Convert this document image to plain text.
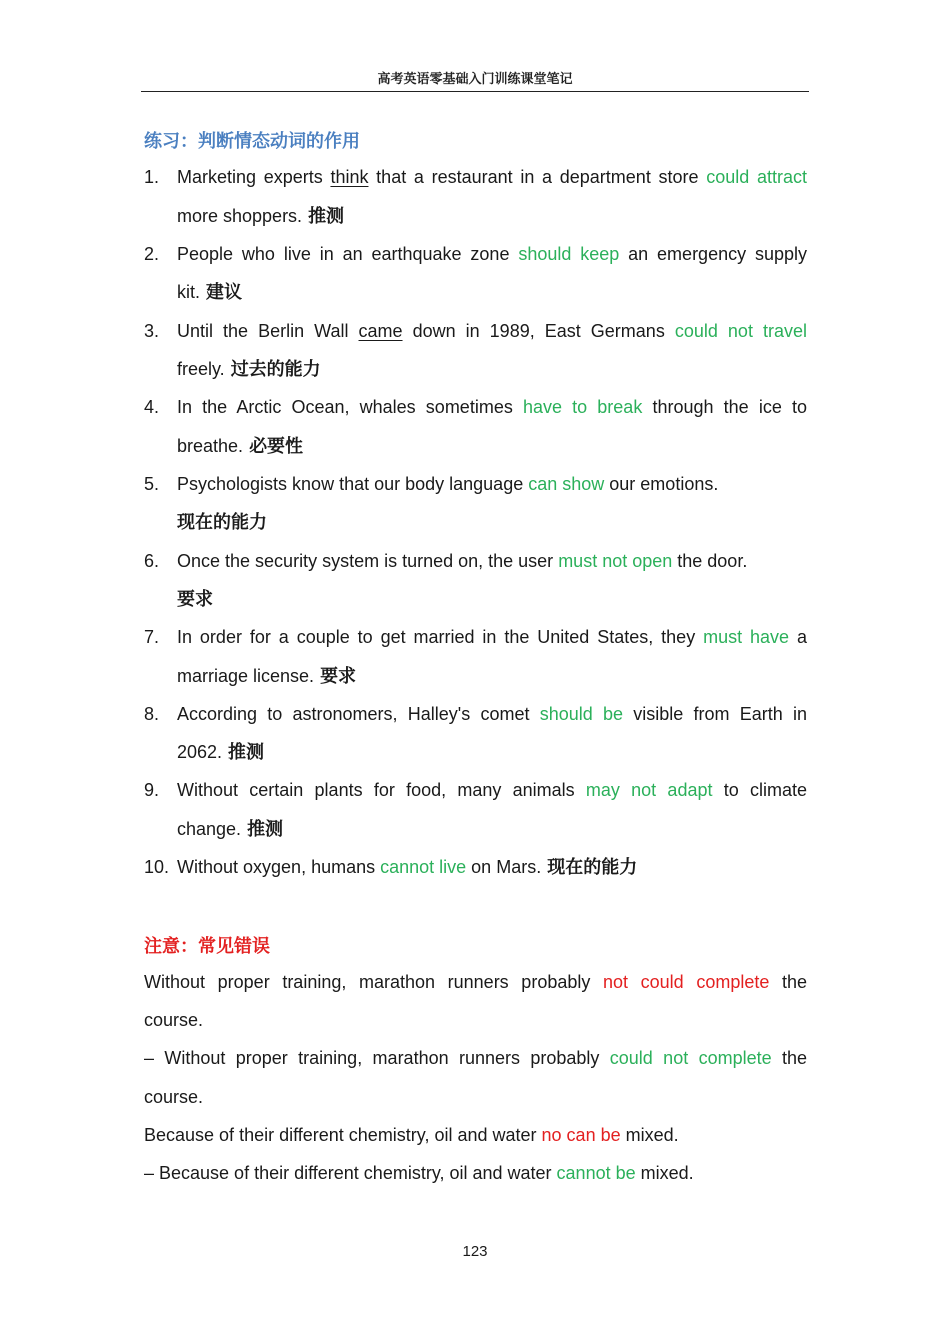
高考英语零基础入门训练课堂笔记
练习：判断情态动词的作用
1. Marketing experts think that a restaurant in a department store could attract
more shoppers. 推测
2. People who live in an earthquake zone should keep an emergency supply
kit. 建议
3. Until the Berlin Wall came down in 1989, East Germans could not travel
freely. 过去的能力
4. In the Arctic Ocean, whales sometimes have to break through the ice to
breathe. 必要性
5. Psychologists know that our body language can show our emotions.
现在的能力
6. Once the security system is turned on, the user must not open the door.
要求
7. In order for a couple to get married in the United States, they must have a
marriage license. 要求
8. According to astronomers, Halley's comet should be visible from Earth in
2062. 推测
9. Without certain plants for food, many animals may not adapt to climate
change. 推测
10. Without oxygen, humans cannot live on Mars. 现在的能力
注意：常见错误
Without proper training, marathon runners probably not could complete the
course.
– Without proper training, marathon runners probably could not complete the
course.
Because of their different chemistry, oil and water no can be mixed.
– Because of their different chemistry, oil and water cannot be mixed.
123
